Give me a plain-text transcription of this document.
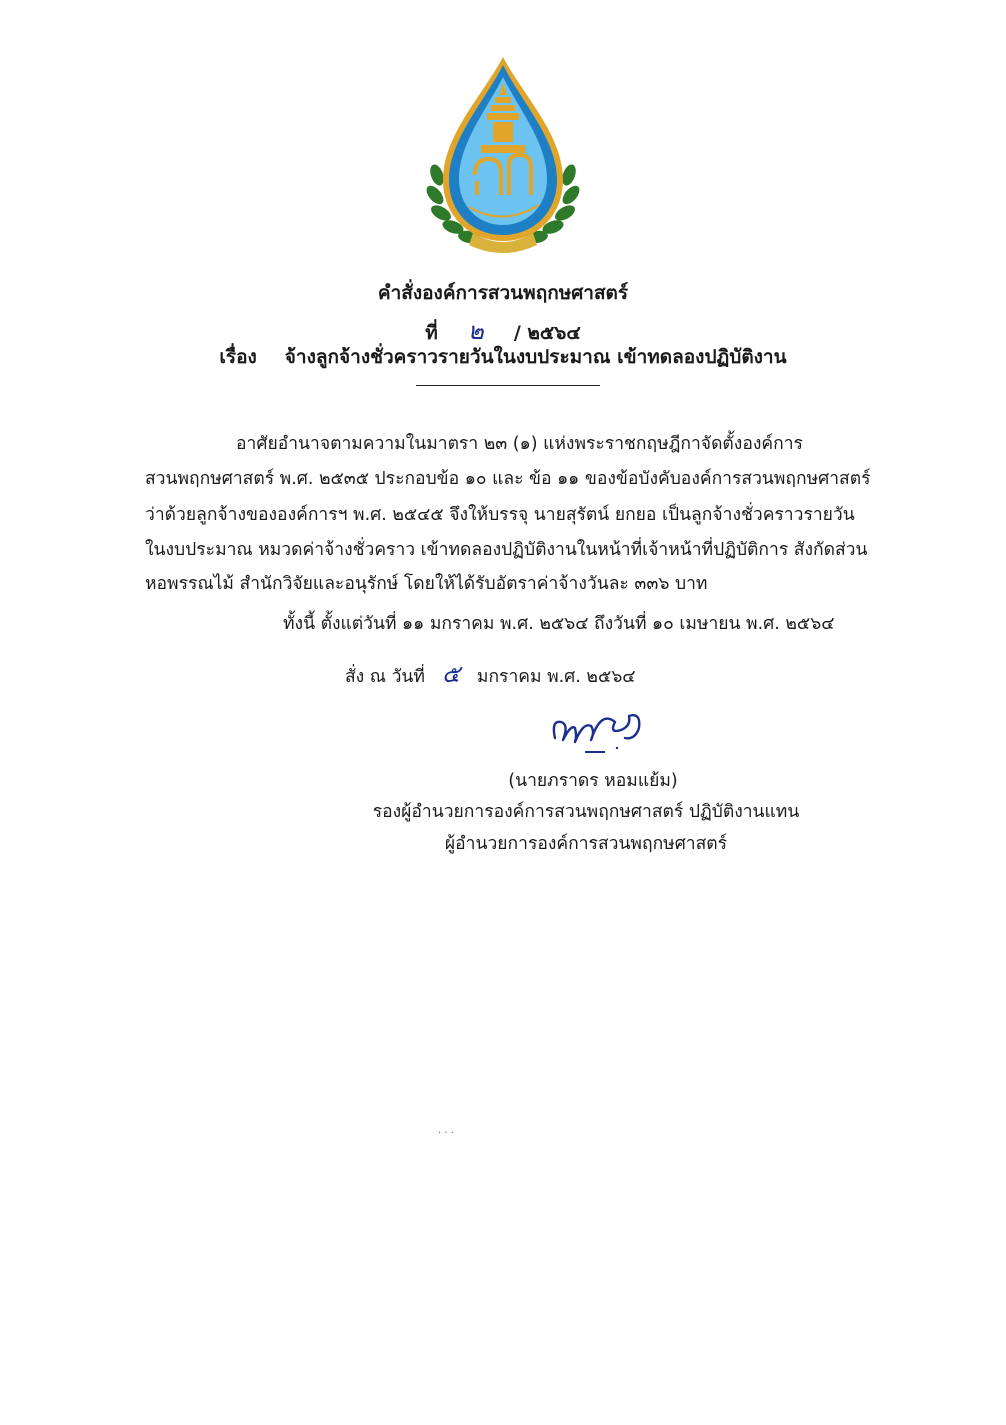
คำสั่งองค์การสวนพฤกษศาสตร์
ที่	๒	/ ๒๕๖๔
เรื่อง จ้างลูกจ้างชั่วคราวรายวันในงบประมาณ เข้าทดลองปฏิบัติงาน
อาศัยอำนาจตามความในมาตรา ๒๓ (๑) แห่งพระราชกฤษฎีกาจัดตั้งองค์การ
สวนพฤกษศาสตร์ พ.ศ. ๒๕๓๕ ประกอบข้อ ๑๐ และ ข้อ ๑๑ ของข้อบังคับองค์การสวนพฤกษศาสตร์
ว่าด้วยลูกจ้างขององค์การฯ พ.ศ. ๒๕๔๕ จึงให้บรรจุ นายสุรัตน์ ยกยอ เป็นลูกจ้างชั่วคราวรายวัน
ในงบประมาณ หมวดค่าจ้างชั่วคราว เข้าทดลองปฏิบัติงานในหน้าที่เจ้าหน้าที่ปฏิบัติการ สังกัดส่วน
หอพรรณไม้ สำนักวิจัยและอนุรักษ์ โดยให้ได้รับอัตราค่าจ้างวันละ ๓๓๖ บาท
ทั้งนี้ ตั้งแต่วันที่ ๑๑ มกราคม พ.ศ. ๒๕๖๔ ถึงวันที่ ๑๐ เมษายน พ.ศ. ๒๕๖๔
สั่ง ณ วันที่ ๕ มกราคม พ.ศ. ๒๕๖๔
(นายภราดร หอมแย้ม)
รองผู้อำนวยการองค์การสวนพฤกษศาสตร์ ปฏิบัติงานแทน
ผู้อำนวยการองค์การสวนพฤกษศาสตร์
· · ·
